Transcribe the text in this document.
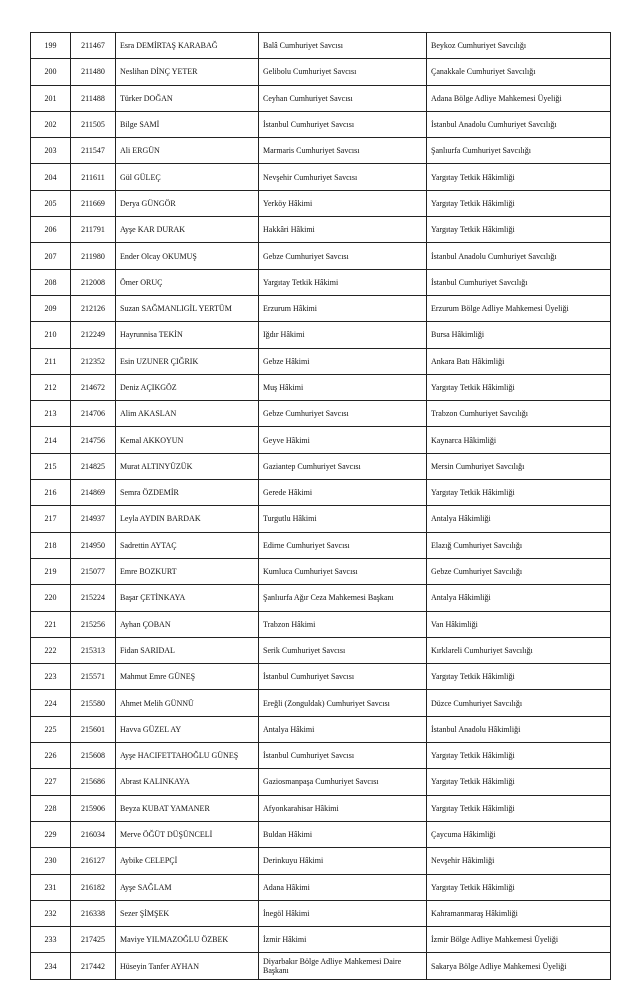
199	211467	Esra DEMİRTAŞ KARABAĞ	Balâ Cumhuriyet Savcısı	Beykoz Cumhuriyet Savcılığı
200	211480	Neslihan DİNÇ YETER	Gelibolu Cumhuriyet Savcısı	Çanakkale Cumhuriyet Savcılığı
201	211488	Türker DOĞAN	Ceyhan Cumhuriyet Savcısı	Adana Bölge Adliye Mahkemesi Üyeliği
202	211505	Bilge SAMİ	İstanbul Cumhuriyet Savcısı	İstanbul Anadolu Cumhuriyet Savcılığı
203	211547	Ali ERGÜN	Marmaris Cumhuriyet Savcısı	Şanlıurfa Cumhuriyet Savcılığı
204	211611	Gül GÜLEÇ	Nevşehir Cumhuriyet Savcısı	Yargıtay Tetkik Hâkimliği
205	211669	Derya GÜNGÖR	Yerköy Hâkimi	Yargıtay Tetkik Hâkimliği
206	211791	Ayşe KAR DURAK	Hakkâri Hâkimi	Yargıtay Tetkik Hâkimliği
207	211980	Ender Olcay OKUMUŞ	Gebze Cumhuriyet Savcısı	İstanbul Anadolu Cumhuriyet Savcılığı
208	212008	Ömer ORUÇ	Yargıtay Tetkik Hâkimi	İstanbul Cumhuriyet Savcılığı
209	212126	Suzan SAĞMANLIGİL YERTÜM	Erzurum Hâkimi	Erzurum Bölge Adliye Mahkemesi Üyeliği
210	212249	Hayrunnisa TEKİN	Iğdır Hâkimi	Bursa Hâkimliği
211	212352	Esin UZUNER ÇIĞRIK	Gebze Hâkimi	Ankara Batı Hâkimliği
212	214672	Deniz AÇIKGÖZ	Muş Hâkimi	Yargıtay Tetkik Hâkimliği
213	214706	Alim AKASLAN	Gebze Cumhuriyet Savcısı	Trabzon Cumhuriyet Savcılığı
214	214756	Kemal AKKOYUN	Geyve Hâkimi	Kaynarca Hâkimliği
215	214825	Murat ALTINYÜZÜK	Gaziantep Cumhuriyet Savcısı	Mersin Cumhuriyet Savcılığı
216	214869	Semra ÖZDEMİR	Gerede Hâkimi	Yargıtay Tetkik Hâkimliği
217	214937	Leyla AYDIN BARDAK	Turgutlu Hâkimi	Antalya Hâkimliği
218	214950	Sadrettin AYTAÇ	Edirne Cumhuriyet Savcısı	Elazığ Cumhuriyet Savcılığı
219	215077	Emre BOZKURT	Kumluca Cumhuriyet Savcısı	Gebze Cumhuriyet Savcılığı
220	215224	Başar ÇETİNKAYA	Şanlıurfa Ağır Ceza Mahkemesi Başkanı	Antalya Hâkimliği
221	215256	Ayhan ÇOBAN	Trabzon Hâkimi	Van Hâkimliği
222	215313	Fidan SARIDAL	Serik Cumhuriyet Savcısı	Kırklareli Cumhuriyet Savcılığı
223	215571	Mahmut Emre GÜNEŞ	İstanbul Cumhuriyet Savcısı	Yargıtay Tetkik Hâkimliği
224	215580	Ahmet Melih GÜNNÜ	Ereğli (Zonguldak) Cumhuriyet Savcısı	Düzce Cumhuriyet Savcılığı
225	215601	Havva GÜZEL AY	Antalya Hâkimi	İstanbul Anadolu Hâkimliği
226	215608	Ayşe HACIFETTAHOĞLU GÜNEŞ	İstanbul Cumhuriyet Savcısı	Yargıtay Tetkik Hâkimliği
227	215686	Abrast KALINKAYA	Gaziosmanpaşa Cumhuriyet Savcısı	Yargıtay Tetkik Hâkimliği
228	215906	Beyza KUBAT YAMANER	Afyonkarahisar Hâkimi	Yargıtay Tetkik Hâkimliği
229	216034	Merve ÖĞÜT DÜŞÜNCELİ	Buldan Hâkimi	Çaycuma Hâkimliği
230	216127	Aybike CELEPÇİ	Derinkuyu Hâkimi	Nevşehir Hâkimliği
231	216182	Ayşe SAĞLAM	Adana Hâkimi	Yargıtay Tetkik Hâkimliği
232	216338	Sezer ŞİMŞEK	İnegöl Hâkimi	Kahramanmaraş Hâkimliği
233	217425	Maviye YILMAZOĞLU ÖZBEK	İzmir Hâkimi	İzmir Bölge Adliye Mahkemesi Üyeliği
234	217442	Hüseyin Tanfer AYHAN	Diyarbakır Bölge Adliye Mahkemesi Daire Başkanı	Sakarya Bölge Adliye Mahkemesi Üyeliği
